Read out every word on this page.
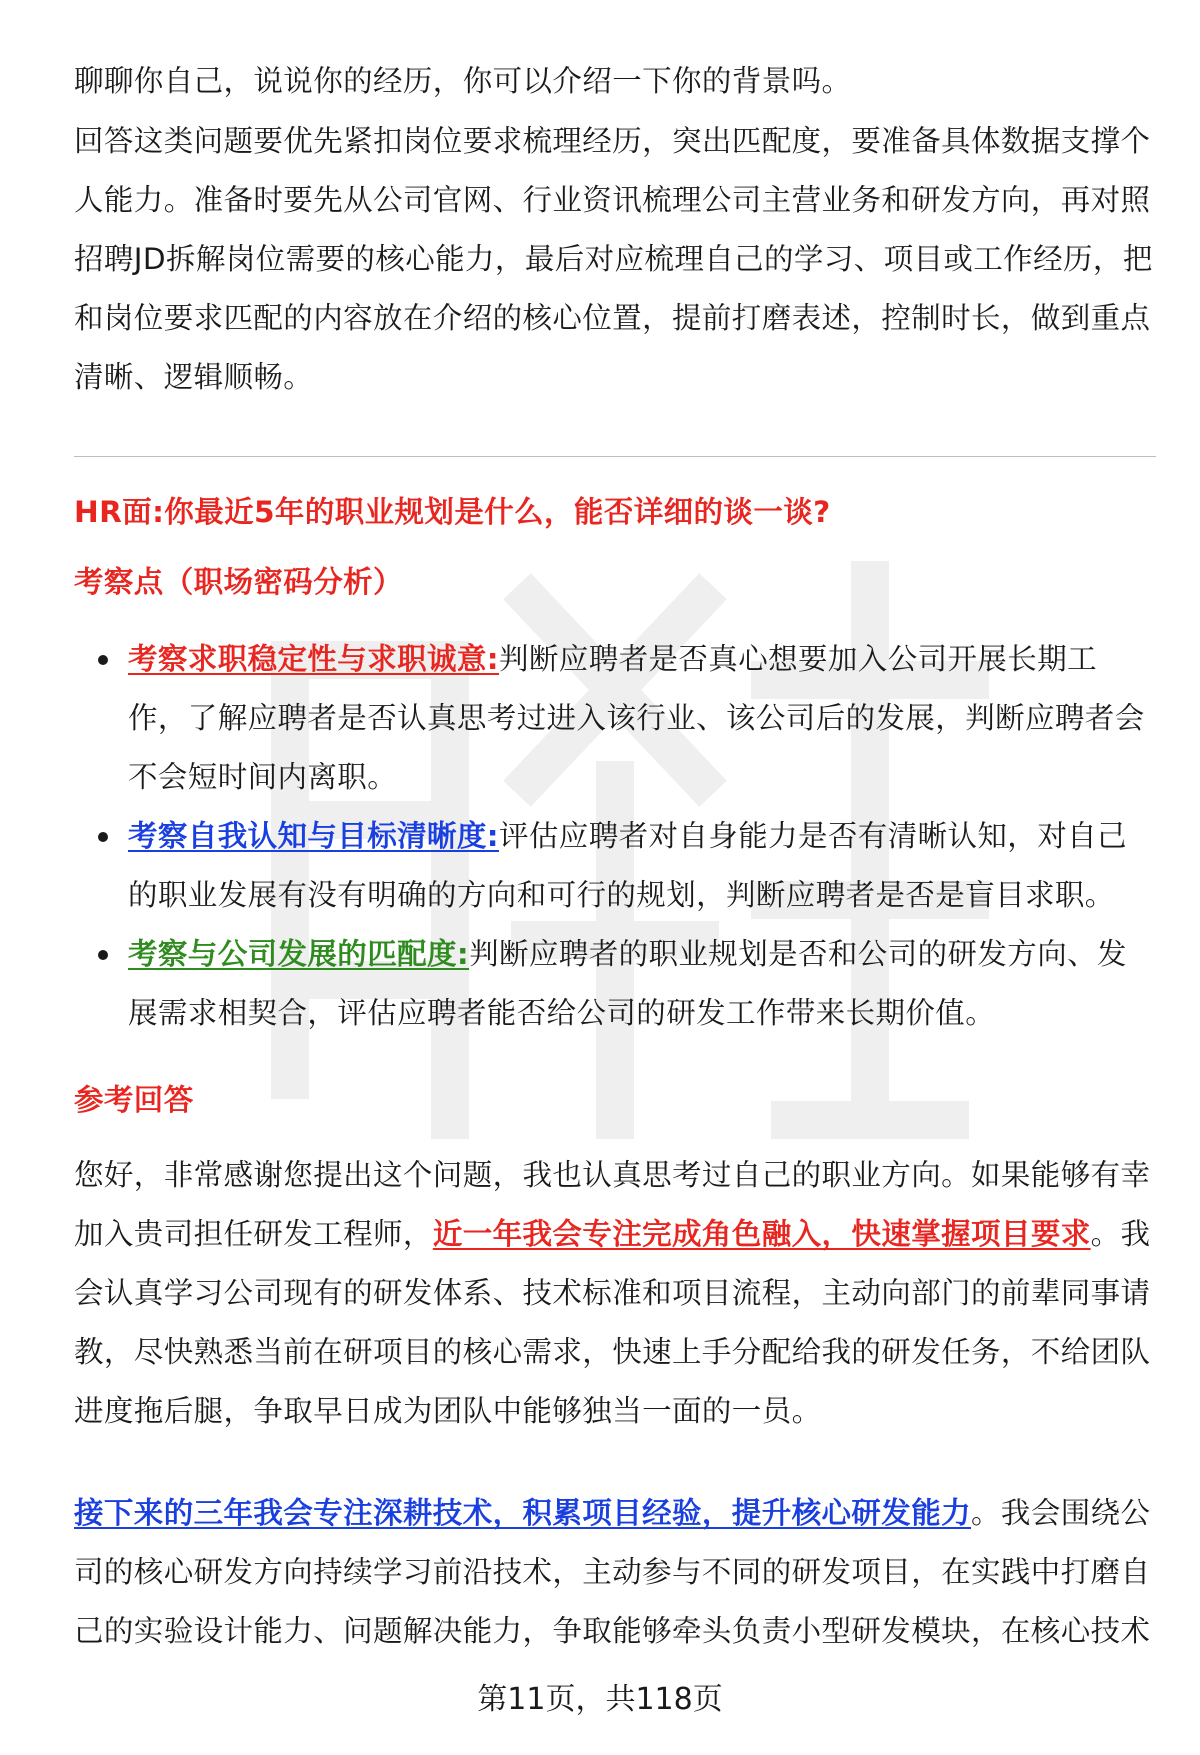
聊聊你自己，说说你的经历，你可以介绍一下你的背景吗。

回答这类问题要优先紧扣岗位要求梳理经历，突出匹配度，要准备具体数据支撑个人能力。准备时要先从公司官网、行业资讯梳理公司主营业务和研发方向，再对照招聘JD拆解岗位需要的核心能力，最后对应梳理自己的学习、项目或工作经历，把和岗位要求匹配的内容放在介绍的核心位置，提前打磨表述，控制时长，做到重点清晰、逻辑顺畅。

HR面:你最近5年的职业规划是什么，能否详细的谈一谈?

考察点（职场密码分析）

考察求职稳定性与求职诚意:判断应聘者是否真心想要加入公司开展长期工作，了解应聘者是否认真思考过进入该行业、该公司后的发展，判断应聘者会不会短时间内离职。
考察自我认知与目标清晰度:评估应聘者对自身能力是否有清晰认知，对自己的职业发展有没有明确的方向和可行的规划，判断应聘者是否是盲目求职。
考察与公司发展的匹配度:判断应聘者的职业规划是否和公司的研发方向、发展需求相契合，评估应聘者能否给公司的研发工作带来长期价值。

参考回答

您好，非常感谢您提出这个问题，我也认真思考过自己的职业方向。如果能够有幸加入贵司担任研发工程师，近一年我会专注完成角色融入，快速掌握项目要求。我会认真学习公司现有的研发体系、技术标准和项目流程，主动向部门的前辈同事请教，尽快熟悉当前在研项目的核心需求，快速上手分配给我的研发任务，不给团队进度拖后腿，争取早日成为团队中能够独当一面的一员。

接下来的三年我会专注深耕技术，积累项目经验，提升核心研发能力。我会围绕公司的核心研发方向持续学习前沿技术，主动参与不同的研发项目，在实践中打磨自己的实验设计能力、问题解决能力，争取能够牵头负责小型研发模块，在核心技术

第11页，共118页
